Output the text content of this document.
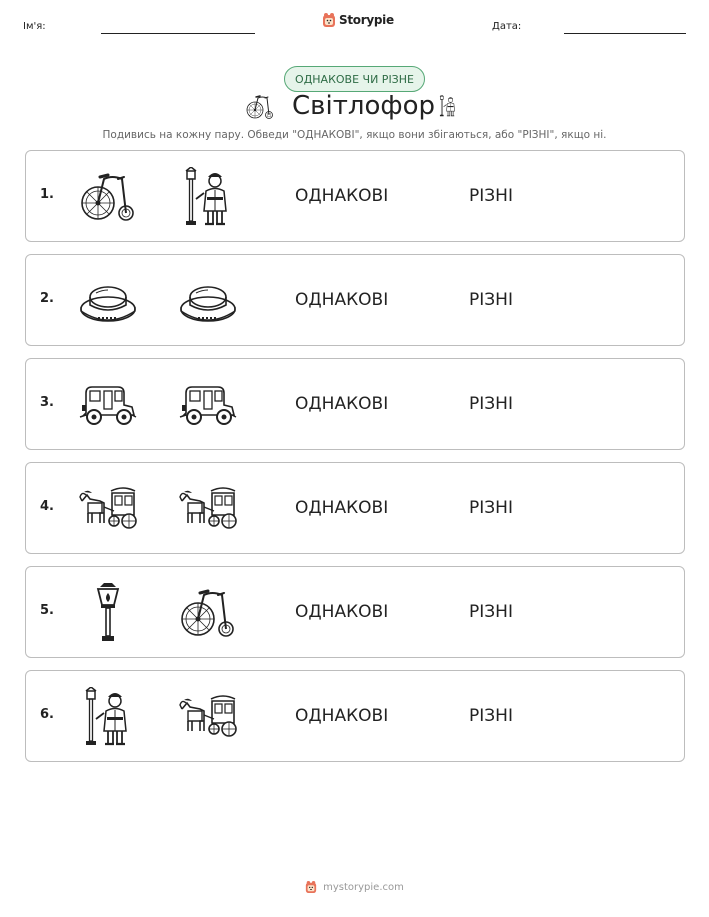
Ім'я:	Storypie	Дата:
ОДНАКОВЕ ЧИ РІЗНЕ
Світлофор
Подивись на кожну пару. Обведи "ОДНАКОВІ", якщо вони збігаються, або "РІЗНІ", якщо ні.
1.	ОДНАКОВІ	РІЗНІ
2.	ОДНАКОВІ	РІЗНІ
3.	ОДНАКОВІ	РІЗНІ
4.	ОДНАКОВІ	РІЗНІ
5.	ОДНАКОВІ	РІЗНІ
6.	ОДНАКОВІ	РІЗНІ
mystorypie.com
